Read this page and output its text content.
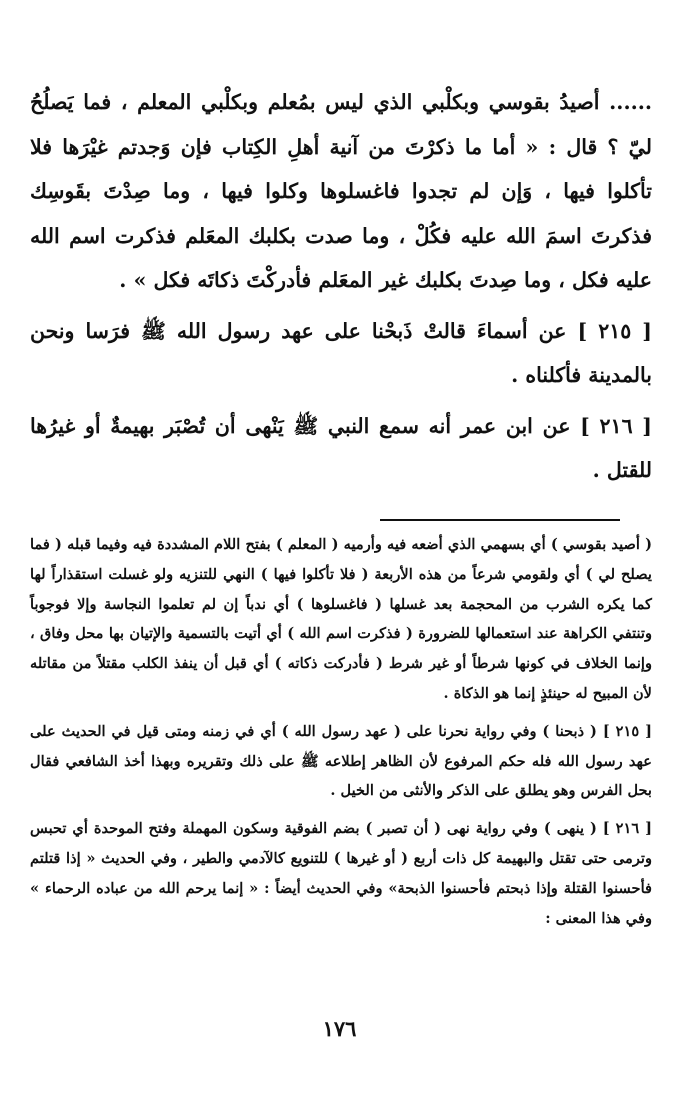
...... أصيدُ بقوسي وبكلْبي الذي ليس بمُعلم وبكلْبي المعلم ، فما يَصلُحُ ليّ ؟ قال : « أما ما ذكرْتَ من آنية أهلِ الكِتاب فإن وَجدتم غيْرَها فلا تأكلوا فيها ، وَإن لم تجدوا فاغسلوها وكلوا فيها ، وما صِدْتَ بقَوسِك فذكرتَ اسمَ الله عليه فكُلْ ، وما صدت بكلبك المعَلم فذكرت اسم الله عليه فكل ، وما صِدتَ بكلبك غير المعَلم فأدركْتَ ذكاتَه فكل » .

[ ٢١٥ ] عن أسماءَ قالتْ ذَبحْنا على عهد رسول الله ﷺ فرَسا ونحن بالمدينة فأكلناه .

[ ٢١٦ ] عن ابن عمر أنه سمع النبي ﷺ يَنْهى أن تُصْبَر بهيمةٌ أو غيرُها للقتل .

( أصيد بقوسي ) أي بسهمي الذي أضعه فيه وأرميه ( المعلم ) بفتح اللام المشددة فيه وفيما قبله ( فما يصلح لي ) أي ولقومي شرعاً من هذه الأربعة ( فلا تأكلوا فيها ) النهي للتنزيه ولو غسلت استقذاراً لها كما يكره الشرب من المحجمة بعد غسلها ( فاغسلوها ) أي ندباً إن لم تعلموا النجاسة وإلا فوجوباً وتنتفي الكراهة عند استعمالها للضرورة ( فذكرت اسم الله ) أي أتيت بالتسمية والإتيان بها محل وفاق ، وإنما الخلاف في كونها شرطاً أو غير شرط ( فأدركت ذكاته ) أي قبل أن ينفذ الكلب مقتلاً من مقاتله لأن المبيح له حينئذٍ إنما هو الذكاة .

[ ٢١٥ ] ( ذبحنا ) وفي رواية نحرنا على ( عهد رسول الله ) أي في زمنه ومتى قيل في الحديث على عهد رسول الله فله حكم المرفوع لأن الظاهر إطلاعه ﷺ على ذلك وتقريره وبهذا أخذ الشافعي فقال بحل الفرس وهو يطلق على الذكر والأنثى من الخيل .

[ ٢١٦ ] ( ينهى ) وفي رواية نهى ( أن تصبر ) بضم الفوقية وسكون المهملة وفتح الموحدة أي تحبس وترمى حتى تقتل والبهيمة كل ذات أربع ( أو غيرها ) للتنويع كالآدمي والطير ، وفي الحديث « إذا قتلتم فأحسنوا القتلة وإذا ذبحتم فأحسنوا الذبحة» وفي الحديث أيضاً : « إنما يرحم الله من عباده الرحماء » وفي هذا المعنى :

١٧٦
